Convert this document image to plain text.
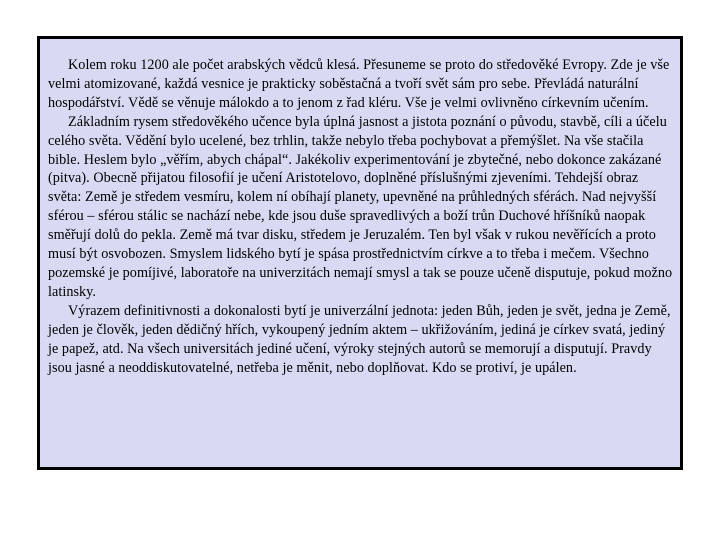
Kolem roku 1200 ale počet arabských vědců klesá. Přesuneme se proto do středověké Evropy. Zde je vše velmi atomizované, každá vesnice je prakticky soběstačná a tvoří svět sám pro sebe. Převládá naturální hospodářství. Vědě se věnuje málokdo a to jenom z řad kléru. Vše je velmi ovlivněno církevním učením.

Základním rysem středověkého učence byla úplná jasnost a jistota poznání o původu, stavbě, cíli a účelu celého světa. Vědění bylo ucelené, bez trhlin, takže nebylo třeba pochybovat a přemýšlet. Na vše stačila bible. Heslem bylo „věřím, abych chápal“. Jakékoliv experimentování je zbytečné, nebo dokonce zakázané (pitva). Obecně přijatou filosofií je učení Aristotelovo, doplněné příslušnými zjeveními. Tehdejší obraz světa: Země je středem vesmíru, kolem ní obíhají planety, upevněné na průhledných sférách. Nad nejvyšší sférou – sférou stálic se nachází nebe, kde jsou duše spravedlivých a boží trůn Duchové hříšníků naopak směřují dolů do pekla. Země má tvar disku, středem je Jeruzalém. Ten byl však v rukou nevěřících a proto musí být osvobozen. Smyslem lidského bytí je spása prostřednictvím církve a to třeba i mečem. Všechno pozemské je pomíjivé, laboratoře na univerzitách nemají smysl a tak se pouze učeně disputuje, pokud možno latinsky.

Výrazem definitivnosti a dokonalosti bytí je univerzální jednota: jeden Bůh, jeden je svět, jedna je Země, jeden je člověk, jeden dědičný hřích, vykoupený jedním aktem – ukřižováním, jediná je církev svatá, jediný je papež, atd. Na všech universitách jediné učení, výroky stejných autorů se memorují a disputují. Pravdy jsou jasné a neoddiskutovatelné, netřeba je měnit, nebo doplňovat. Kdo se protiví, je upálen.
